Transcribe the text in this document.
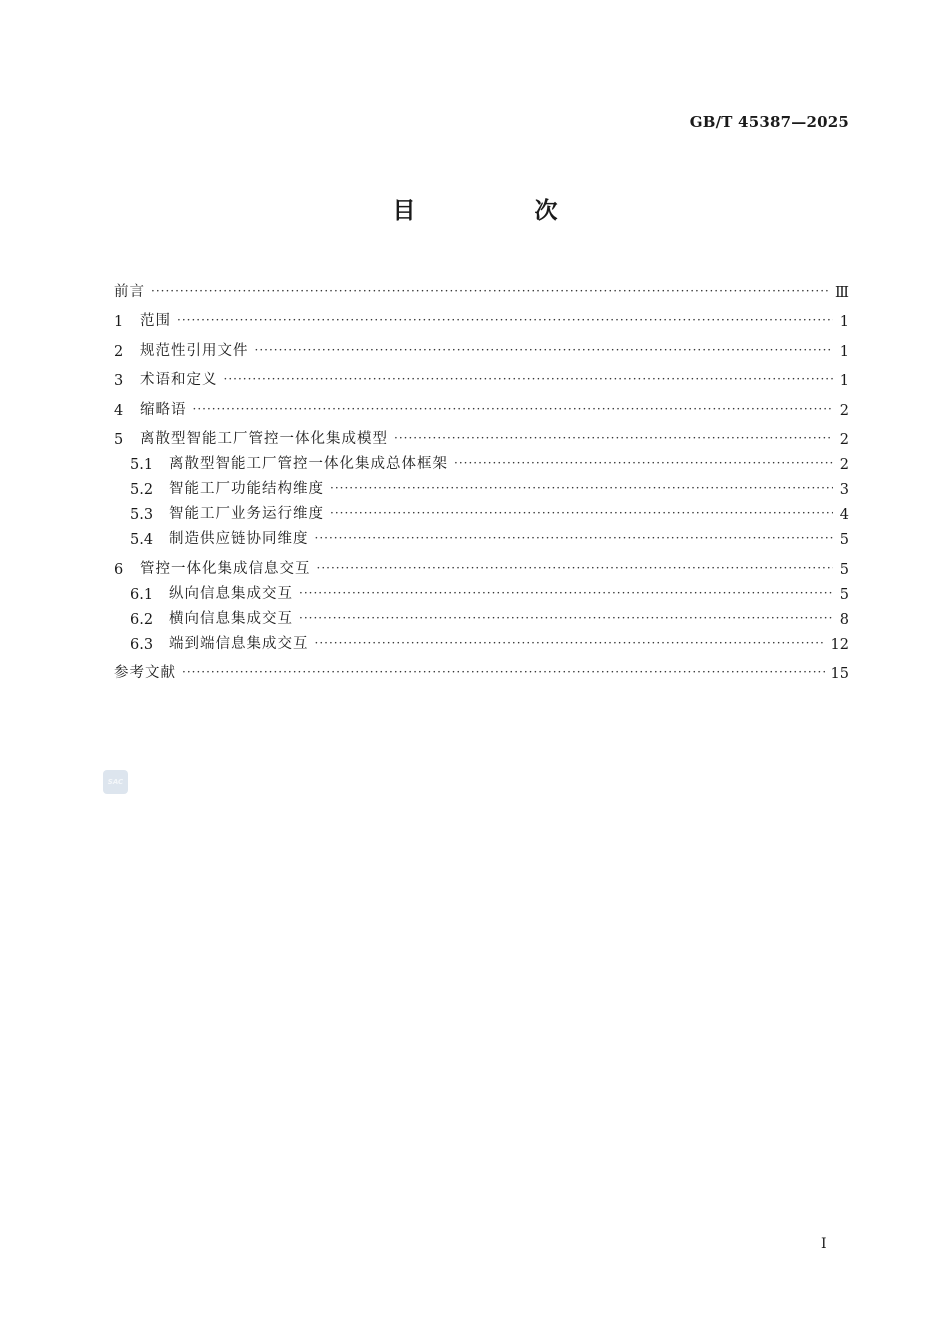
GB/T 45387—2025
目　次
前言 ·····	Ⅲ
1	范围 ·····	1
2	规范性引用文件 ·····	1
3	术语和定义 ·····	1
4	缩略语 ·····	2
5	离散型智能工厂管控一体化集成模型 ·····	2
5.1	离散型智能工厂管控一体化集成总体框架 ·····	2
5.2	智能工厂功能结构维度 ·····	3
5.3	智能工厂业务运行维度 ·····	4
5.4	制造供应链协同维度 ·····	5
6	管控一体化集成信息交互 ·····	5
6.1	纵向信息集成交互 ·····	5
6.2	横向信息集成交互 ·····	8
6.3	端到端信息集成交互 ·····	12
参考文献 ·····	15
SAC
I
